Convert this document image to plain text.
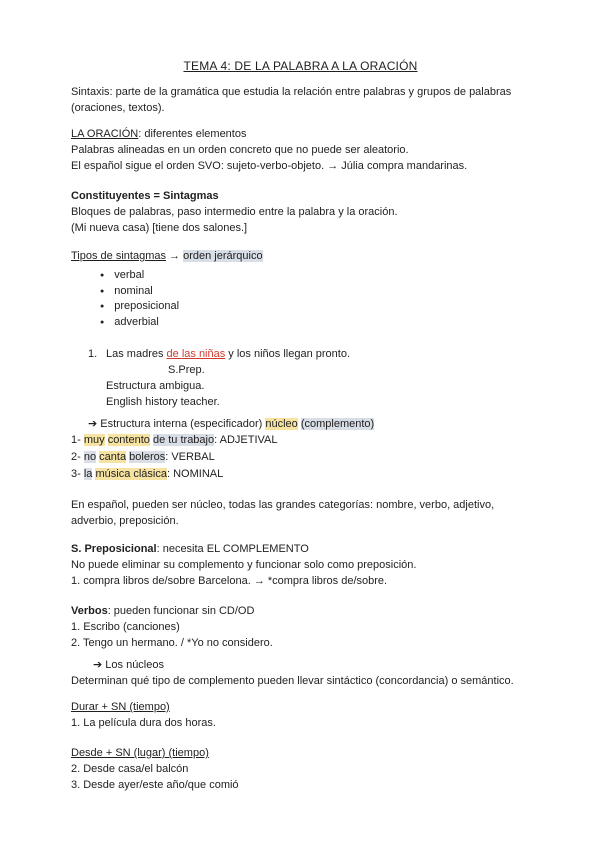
TEMA 4: DE LA PALABRA A LA ORACIÓN

Sintaxis: parte de la gramática que estudia la relación entre palabras y grupos de palabras (oraciones, textos).

LA ORACIÓN: diferentes elementos

Palabras alineadas en un orden concreto que no puede ser aleatorio.

El español sigue el orden SVO: sujeto-verbo-objeto. → Júlia compra mandarinas.

Constituyentes = Sintagmas

Bloques de palabras, paso intermedio entre la palabra y la oración.

(Mi nueva casa) [tiene dos salones.]

Tipos de sintagmas → orden jerárquico

● verbal
● nominal
● preposicional
● adverbial

1. Las madres de las niñas y los niños llegan pronto.

S.Prep.

Estructura ambigua.

English history teacher.

➔ Estructura interna (especificador) núcleo (complemento)

1- muy contento de tu trabajo: ADJETIVAL

2- no canta boleros: VERBAL

3- la música clásica: NOMINAL

En español, pueden ser núcleo, todas las grandes categorías: nombre, verbo, adjetivo, adverbio, preposición.

S. Preposicional: necesita EL COMPLEMENTO

No puede eliminar su complemento y funcionar solo como preposición.

1. compra libros de/sobre Barcelona. → *compra libros de/sobre.

Verbos: pueden funcionar sin CD/OD

1. Escribo (canciones)

2. Tengo un hermano. / *Yo no considero.

➔ Los núcleos

Determinan qué tipo de complemento pueden llevar sintáctico (concordancia) o semántico.

Durar + SN (tiempo)

1. La película dura dos horas.

Desde + SN (lugar) (tiempo)

2. Desde casa/el balcón

3. Desde ayer/este año/que comió
